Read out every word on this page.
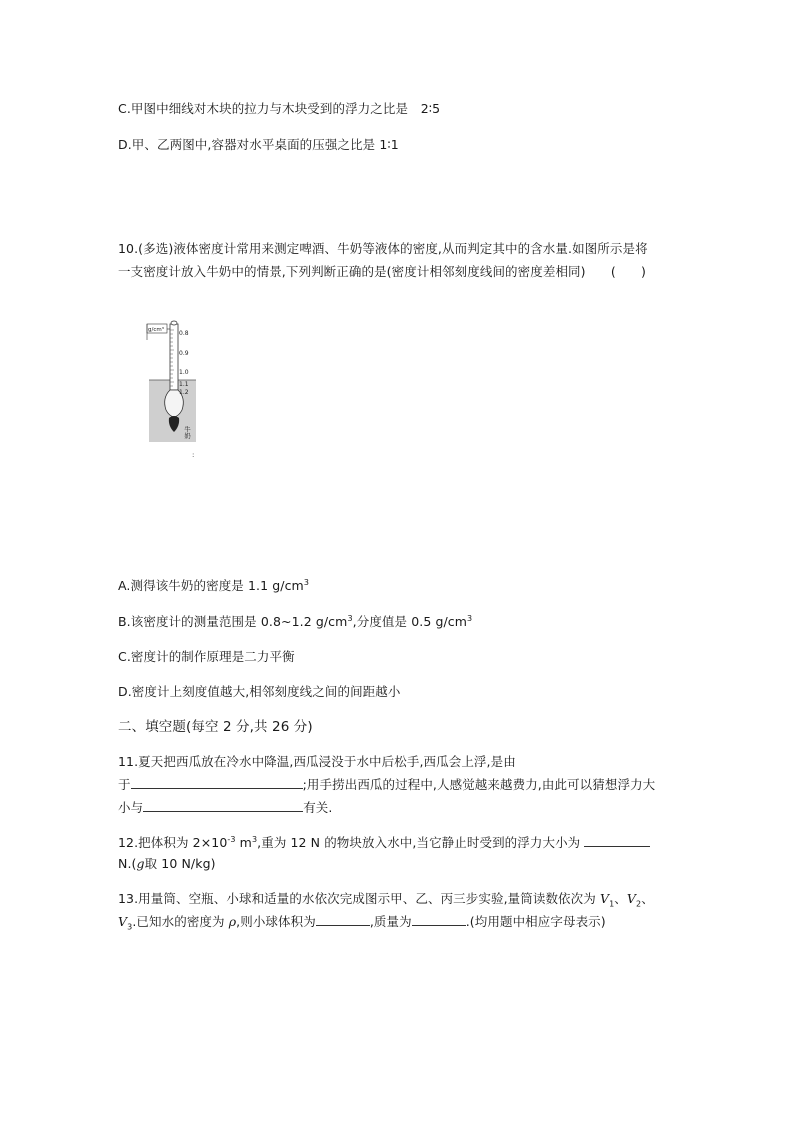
C.甲图中细线对木块的拉力与木块受到的浮力之比是　2∶5
D.甲、乙两图中,容器对水平桌面的压强之比是 1∶1
10.(多选)液体密度计常用来测定啤酒、牛奶等液体的密度,从而判定其中的含水量.如图所示是将
一支密度计放入牛奶中的情景,下列判断正确的是(密度计相邻刻度线间的密度差相同)　　(　　)
g/cm³	0.8
0.9
1.0
1.1
1.2
牛奶
:
A.测得该牛奶的密度是 1.1 $g/cm^3$
B.该密度计的测量范围是 0.8~1.2 $g/cm^3$,分度值是 0.5 $g/cm^3$
C.密度计的制作原理是二力平衡
D.密度计上刻度值越大,相邻刻度线之间的间距越小
二、填空题(每空 2 分,共 26 分)
11.夏天把西瓜放在冷水中降温,西瓜浸没于水中后松手,西瓜会上浮,是由
于	;用手捞出西瓜的过程中,人感觉越来越费力,由此可以猜想浮力大
小与	有关.
12.把体积为 $2\times 10^{-3}$ $m^3$,重为 12 N 的物块放入水中,当它静止时受到的浮力大小为
N.(g取 10 N/kg)
13.用量筒、空瓶、小球和适量的水依次完成图示甲、乙、丙三步实验,量筒读数依次为 $V_1$、$V_2$、
$V_3$.已知水的密度为 ρ,则小球体积为	,质量为	.(均用题中相应字母表示)
